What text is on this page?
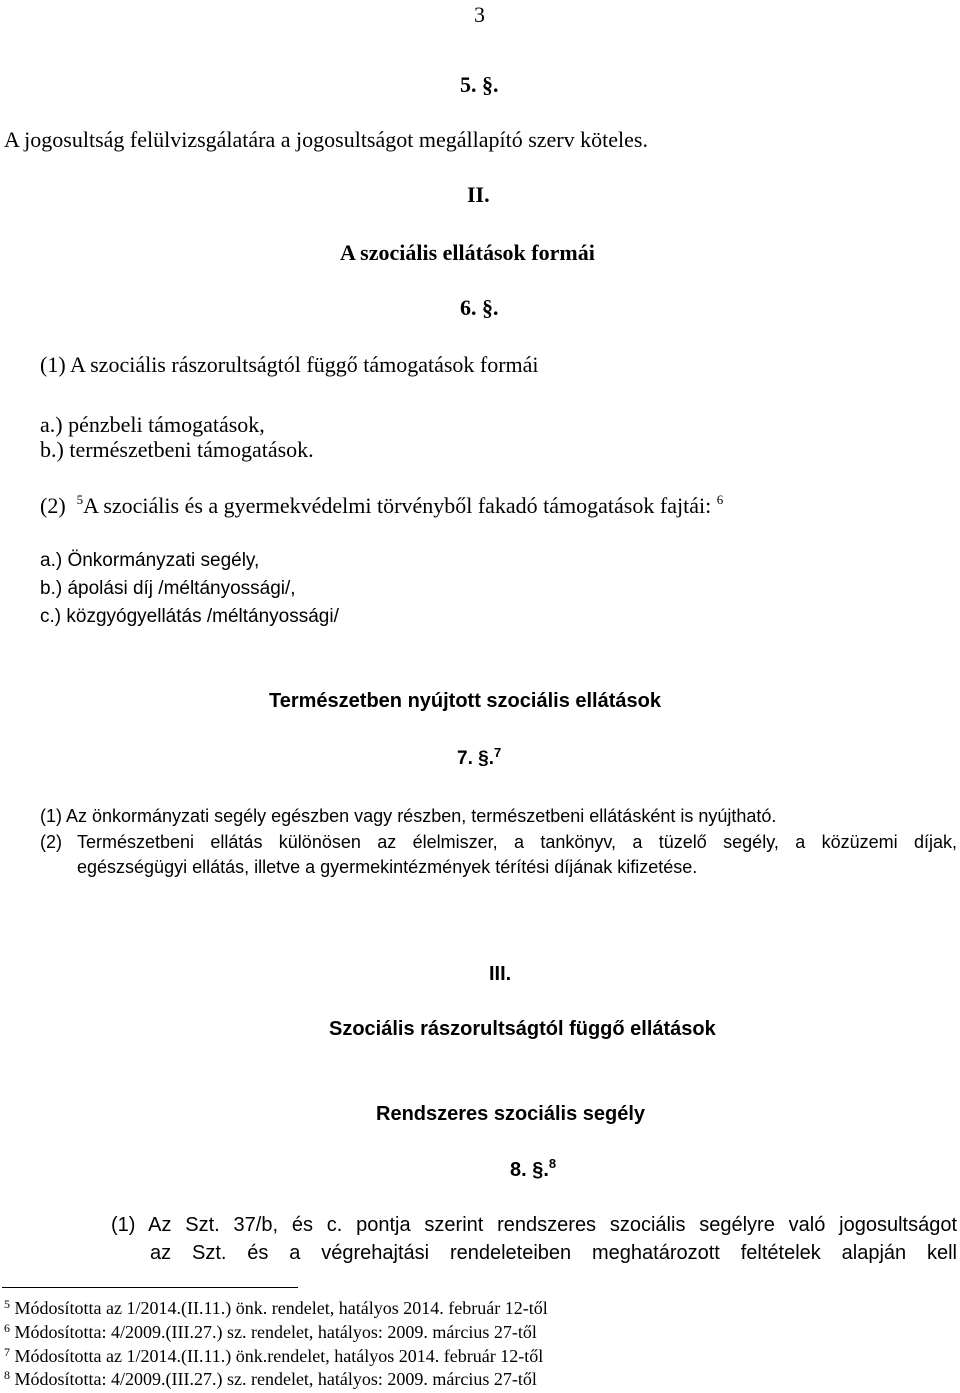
3
5. §.
A jogosultság felülvizsgálatára a jogosultságot megállapító szerv köteles.
II.
A szociális ellátások formái
6. §.
(1) A szociális rászorultságtól függő támogatások formái
a.) pénzbeli támogatások,
b.) természetbeni támogatások.
(2) $^5$A szociális és a gyermekvédelmi törvényből fakadó támogatások fajtái: $^6$
a.) Önkormányzati segély,
b.) ápolási díj /méltányossági/,
c.) közgyógyellátás /méltányossági/
Természetben nyújtott szociális ellátások
7. §.$^7$
(1) Az önkormányzati segély egészben vagy részben, természetbeni ellátásként is nyújtható.
(2) Természetbeni ellátás különösen az élelmiszer, a tankönyv, a tüzelő segély, a közüzemi díjak,
egészségügyi ellátás, illetve a gyermekintézmények térítési díjának kifizetése.
III.
Szociális rászorultságtól függő ellátások
Rendszeres szociális segély
8. §.$^8$
(1) Az Szt. 37/b, és c. pontja szerint rendszeres szociális segélyre való jogosultságot
az Szt. és a végrehajtási rendeleteiben meghatározott feltételek alapján kell
$^5$ Módosította az 1/2014.(II.11.) önk. rendelet, hatályos 2014. február 12-től
$^6$ Módosította: 4/2009.(III.27.) sz. rendelet, hatályos: 2009. március 27-től
$^7$ Módosította az 1/2014.(II.11.) önk.rendelet, hatályos 2014. február 12-től
$^8$ Módosította: 4/2009.(III.27.) sz. rendelet, hatályos: 2009. március 27-től
